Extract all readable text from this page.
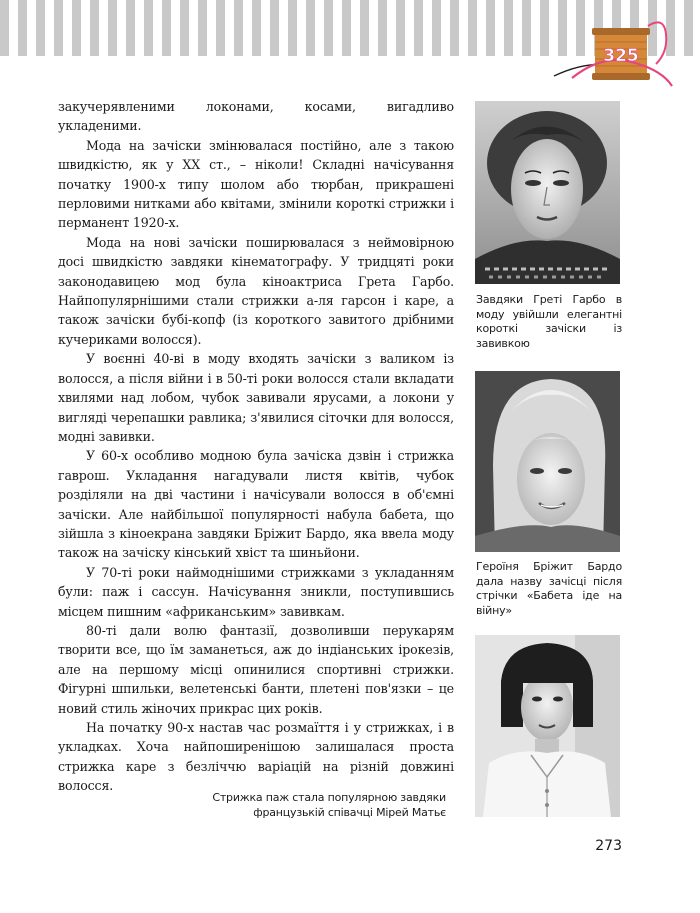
325

закучерявленими локонами, косами, вигадливо укладеними.

Мода на зачіски змінювалася постійно, але з такою швидкістю, як у ХХ ст., – ніколи! Складні начісування початку 1900-х типу шолом або тюрбан, прикрашені перловими нитками або квітами, змінили короткі стрижки і перманент 1920-х.

Мода на нові зачіски поширювалася з неймовірною досі швидкістю завдяки кінематографу. У тридцяті роки законодавицею мод була кіноактриса Грета Гарбо. Найпопулярнішими стали стрижки а-ля гарсон і каре, а також зачіски бубі-копф (із короткого завитого дрібними кучериками волосся).

У воєнні 40-ві в моду входять зачіски з валиком із волосся, а після війни і в 50-ті роки волосся стали вкладати хвилями над лобом, чубок завивали ярусами, а локони у вигляді черепашки равлика; з'явилися сіточки для волосся, модні завивки.

У 60-х особливо модною була зачіска дзвін і стрижка гаврош. Укладання нагадували листя квітів, чубок розділяли на дві частини і начісували волосся в об'ємні зачіски. Але найбільшої популярності набула бабета, що зійшла з кіноекрана завдяки Бріжит Бардо, яка ввела моду також на зачіску кінський хвіст та шиньйони.

У 70-ті роки наймоднішими стрижками з укладанням були: паж і сассун. Начісування зникли, поступившись місцем пишним «африканським» завивкам.

80-ті дали волю фантазії, дозволивши перукарям творити все, що їм заманеться, аж до індіанських ірокезів, але на першому місці опинилися спортивні стрижки. Фігурні шпильки, велетенські банти, плетені пов'язки – це новий стиль жіночих прикрас цих років.

На початку 90-х настав час розмаїття і у стрижках, і в укладках. Хоча найпоширенішою залишалася проста стрижка каре з безліччю варіацій на різній довжині волосся.

Завдяки Греті Гарбо в моду увійшли елегантні короткі зачіски із завивкою
Героїня Бріжит Бардо дала назву зачісці після стрічки «Бабета іде на війну»
Стрижка паж стала популярною завдяки французькій співачці Мірей Матьє
273
